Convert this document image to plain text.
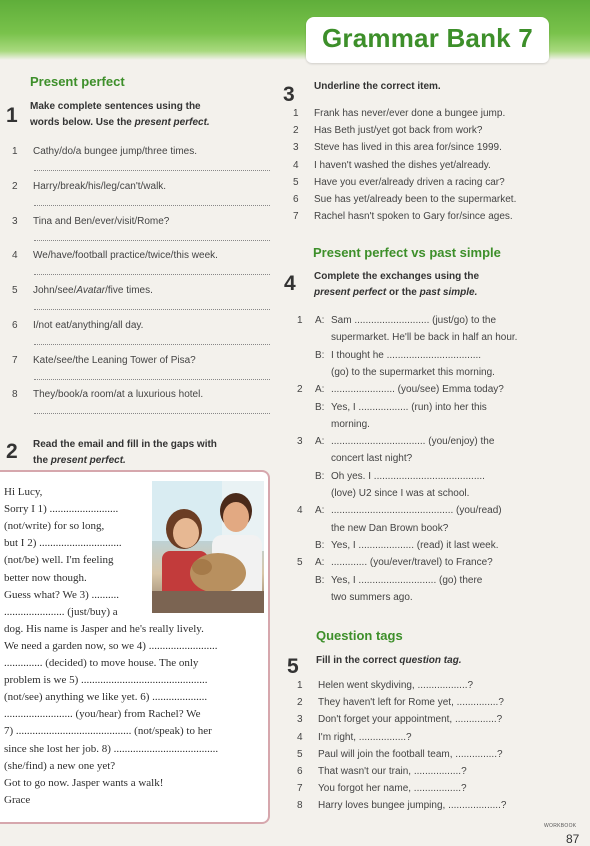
Grammar Bank 7
Present perfect
1 Make complete sentences using the
words below. Use the present perfect.
1 Cathy/do/a bungee jump/three times.
2 Harry/break/his/leg/can't/walk.
3 Tina and Ben/ever/visit/Rome?
4 We/have/football practice/twice/this week.
5 John/see/Avatar/five times.
6 I/not eat/anything/all day.
7 Kate/see/the Leaning Tower of Pisa?
8 They/book/a room/at a luxurious hotel.
2 Read the email and fill in the gaps with
the present perfect.
Hi Lucy,
Sorry I 1) .........................
(not/write) for so long,
but I 2) ..............................
(not/be) well. I'm feeling
better now though.
Guess what? We 3) ..........
...................... (just/buy) a
dog. His name is Jasper and he's really lively.
We need a garden now, so we 4) .........................
.............. (decided) to move house. The only
problem is we 5) ..............................................
(not/see) anything we like yet. 6) ....................
......................... (you/hear) from Rachel? We
7) .......................................... (not/speak) to her
since she lost her job. 8) ......................................
(she/find) a new one yet?
Got to go now. Jasper wants a walk!
Grace
3 Underline the correct item.
1 Frank has never/ever done a bungee jump.
2 Has Beth just/yet got back from work?
3 Steve has lived in this area for/since 1999.
4 I haven't washed the dishes yet/already.
5 Have you ever/already driven a racing car?
6 Sue has yet/already been to the supermarket.
7 Rachel hasn't spoken to Gary for/since ages.
Present perfect vs past simple
4 Complete the exchanges using the
present perfect or the past simple.
1 A: Sam ........................... (just/go) to the
supermarket. He'll be back in half an hour.
B: I thought he ..................................
(go) to the supermarket this morning.
2 A: ....................... (you/see) Emma today?
B: Yes, I .................. (run) into her this
morning.
3 A: .................................. (you/enjoy) the
concert last night?
B: Oh yes. I ........................................
(love) U2 since I was at school.
4 A: ............................................ (you/read)
the new Dan Brown book?
B: Yes, I .................... (read) it last week.
5 A: ............. (you/ever/travel) to France?
B: Yes, I ............................ (go) there
two summers ago.
Question tags
5 Fill in the correct question tag.
1 Helen went skydiving, ..................?
2 They haven't left for Rome yet, ...............?
3 Don't forget your appointment, ...............?
4 I'm right, .................?
5 Paul will join the football team, ...............?
6 That wasn't our train, .................?
7 You forgot her name, .................?
8 Harry loves bungee jumping, ...................?
WORKBOOK
87
